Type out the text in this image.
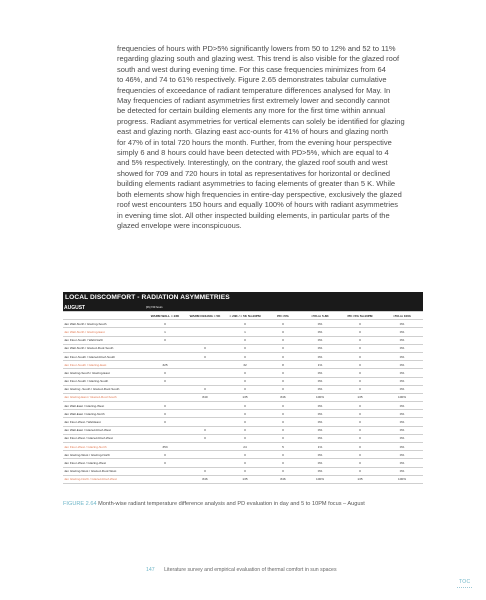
frequencies of hours with PD>5% significantly lowers from 50 to 12% and 52 to 11%
regarding glazing south and glazing west. This trend is also visible for the glazed roof
south and west during evening time. For this case frequencies minimizes from 64
to 46%, and 74 to 61% respectively. Figure 2.65 demonstrates tabular cumulative
frequencies of exceedance of radiant temperature differences analysed for May. In
May frequencies of radiant asymmetries first extremely lower and secondly cannot
be detected for certain building elements any more for the first time within annual
progress. Radiant asymmetries for vertical elements can solely be identified for glazing
east and glazing north. Glazing east acc-ounts for 41% of hours and glazing north
for 47% of in total 720 hours the month. Further, from the evening hour perspective
simply 6 and 8 hours could have been detected with PD>5%, which are equal to 4
and 5% respectively. Interestingly, on the contrary, the glazed roof south and west
showed for 709 and 720 hours in total as representatives for horizontal or declined
building elements radiant asymmetries to facing elements of greater than 5 K. While
both elements show high frequencies in entire-day perspective, exclusively the glazed
roof west encounters 150 hours and equally 100% of hours with radiant asymmetries
in evening time slot. All other inspected building elements, in particular parts of the
glazed envelope were inconspicuous.

LOCAL DISCOMFORT - RADIATION ASYMMETRIES
AUGUST	[hh] 720 hours						
	WARM WALL > 23K	WARM CEILING > 5K	> 23K / > 5K 5to10PM	PD >5%	>5% in 5-8K	PD >5% 5to10PM	>5% in 100h
Jan Wall-North / Glazing-South	0		0	0	0%	0	0%
Jan Wall-North / Glazing-East	1		1	0	0%	0	0%
Jan Floor-South / Wall-North	0		0	0	0%	0	0%
Jan Wall-North / Glazed-Roof-South		0	0	0	0%	0	0%
Jan Floor-South / Glazed-Roof-South		0	0	0	0%	0	0%
Jan Floor-South / Glazing-East	325		32	8	1%	0	0%
Jan Glazing-South / Glazing-East	0		0	0	0%	0	0%
Jan Floor-South / Glazing-South	0		0	0	0%	0	0%
Jan Glazing -South / Glazed-Roof-South		0	0	0	0%	0	0%
Jan Glazing-East / Glazed-Roof-South		840	135	846	100%	135	100%
Jan Wall-East / Glazing-West	0		0	0	0%	0	0%
Jan Wall-East / Glazing-North	0		0	0	0%	0	0%
Jan Floor-West / Wall-East	0		0	0	0%	0	0%
Jan Wall-East / Glazed-Roof-West		0	0	0	0%	0	0%
Jan Floor-West / Glazed-Roof-West		0	0	0	0%	0	0%
Jan Floor-West / Glazing-North	353		24	5	1%	0	0%
Jan Glazing-West / Glazing-North	0		0	0	0%	0	0%
Jan Floor-West / Glazing-West	0		0	0	0%	0	0%
Jan Glazing-West / Glazed-Roof-West		0	0	0	0%	0	0%
Jan Glazing-North / Glazed-Roof-West		846	135	846	100%	135	100%
FIGURE 2.64 Month-wise radiant temperature difference analysis and PD evaluation in day and 5 to 10PM focus – August
147 Literature survey and empirical evaluation of thermal comfort in sun spaces
TOC
